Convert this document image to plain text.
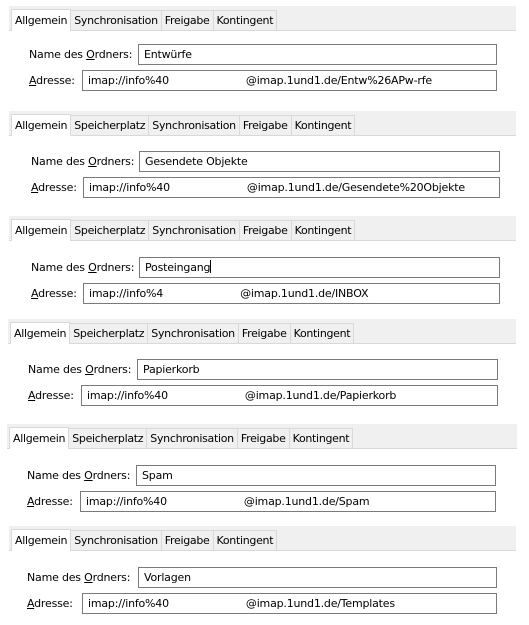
Allgemein Synchronisation Freigabe Kontingent
Name des Ordners:	Entwürfe
Adresse:	imap://info%40	@imap.1und1.de/Entw%26APw-rfe
Allgemein Speicherplatz Synchronisation Freigabe Kontingent
Name des Ordners: Gesendete Objekte
Adresse:	imap://info%40	@imap.1und1.de/Gesendete%20Objekte
Allgemein Speicherplatz Synchronisation Freigabe Kontingent
Name des Ordners: Posteingang
Adresse:	imap://info%4	@imap.1und1.de/INBOX
Allgemein Speicherplatz Synchronisation Freigabe Kontingent
Name des Ordners:	Papierkorb
Adresse:	imap://info%40	@imap.1und1.de/Papierkorb
Allgemein Speicherplatz Synchronisation Freigabe Kontingent
Name des Ordners:	Spam
Adresse:	imap://info%40	@imap.1und1.de/Spam
Allgemein Synchronisation Freigabe Kontingent
Name des Ordners:	Vorlagen
Adresse:	imap://info%40	@imap.1und1.de/Templates
